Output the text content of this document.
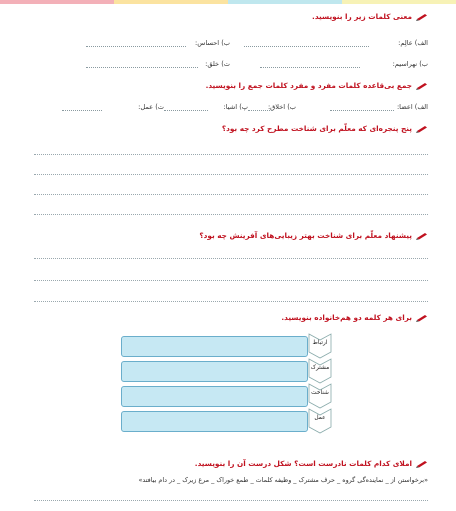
معنی کلمات زیر را بنویسید.
الف) عالِم:
ب) احساس:
ب) نهراسیم:
ت) خلق:
جمع بی‌قاعده کلمات مفرد و مفرد کلمات جمع را بنویسید.
الف) اعضا:
ب) اخلاق:
پ) اشیا:
ت) عمل:
پنج پنجره‌ای که معلّم برای شناخت مطرح کرد چه بود؟
پیشنهاد معلّم برای شناخت بهتر زیبایی‌های آفرینش چه بود؟
برای هر کلمه دو هم‌خانواده بنویسید.
ارتباط
مشترک
شناخت
عمل
املای کدام کلمات نادرست است؟ شکل درست آن را بنویسید.
«برخواستن از _ نماینده‌گی گروه _ حرف مشترک _ وظیفه کلمات _ طمع خوراک _ مرغ زیرک _ در دام بیافتد»
